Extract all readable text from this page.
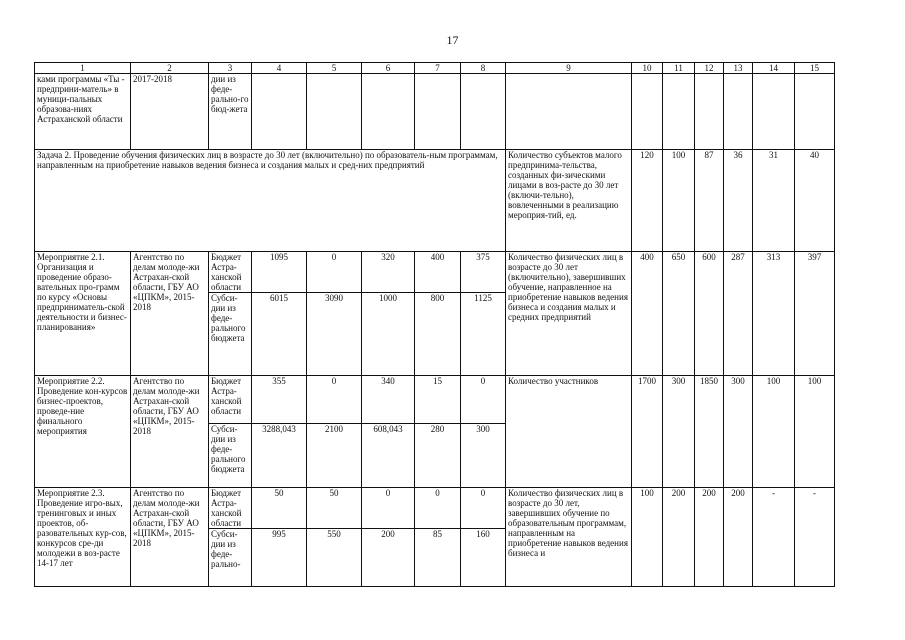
17
1	2	3	4	5	6	7	8	9	10	11	12	13	14	15
ками программы «Ты - предприни-матель» в муници-пальных образова-ниях Астраханской области	2017-2018	дии из феде-рально-го бюд-жета												
Задача 2. Проведение обучения физических лиц в возрасте до 30 лет (включительно) по образователь-ным программам, направленным на приобретение навыков ведения бизнеса и создания малых и сред-них предприятий								Количество субъектов малого предпринима-тельства, созданных фи-зическими лицами в воз-расте до 30 лет (включи-тельно), вовлеченными в реализацию мероприя-тий, ед.	120	100	87	36	31	40
Мероприятие 2.1. Организация и проведение образо-вательных про-грамм по курсу «Основы предприниматель-ской деятельности и бизнес-планирования»	Агентство по делам молоде-жи Астрахан-ской области, ГБУ АО «ЦПКМ», 2015-2018	Бюджет Астра-ханской области	1095	0	320	400	375	Количество физических лиц в возрасте до 30 лет (включительно), завершивших обучение, направленное на приобретение навыков ведения бизнеса и создания малых и средних предприятий	400	650	600	287	313	397
		Субси-дии из феде-рального бюджета	6015	3090	1000	800	1125							
Мероприятие 2.2. Проведение кон-курсов бизнес-проектов, проведе-ние финального мероприятия	Агентство по делам молоде-жи Астрахан-ской области, ГБУ АО «ЦПКМ», 2015-2018	Бюджет Астра-ханской области	355	0	340	15	0	Количество участников	1700	300	1850	300	100	100
		Субси-дии из феде-рального бюджета	3288,043	2100	608,043	280	300							
Мероприятие 2.3. Проведение игро-вых, тренинговых и иных проектов, об-разовательных кур-сов, конкурсов сре-ди молодежи в воз-расте 14-17 лет	Агентство по делам молоде-жи Астрахан-ской области, ГБУ АО «ЦПКМ», 2015-2018	Бюджет Астра-ханской области	50	50	0	0	0	Количество физических лиц в возрасте до 30 лет, завершивших обучение по образовательным программам, направленным на приобретение навыков ведения бизнеса и	100	200	200	200	-	-
		Субси-дии из феде-рально-	995	550	200	85	160							
